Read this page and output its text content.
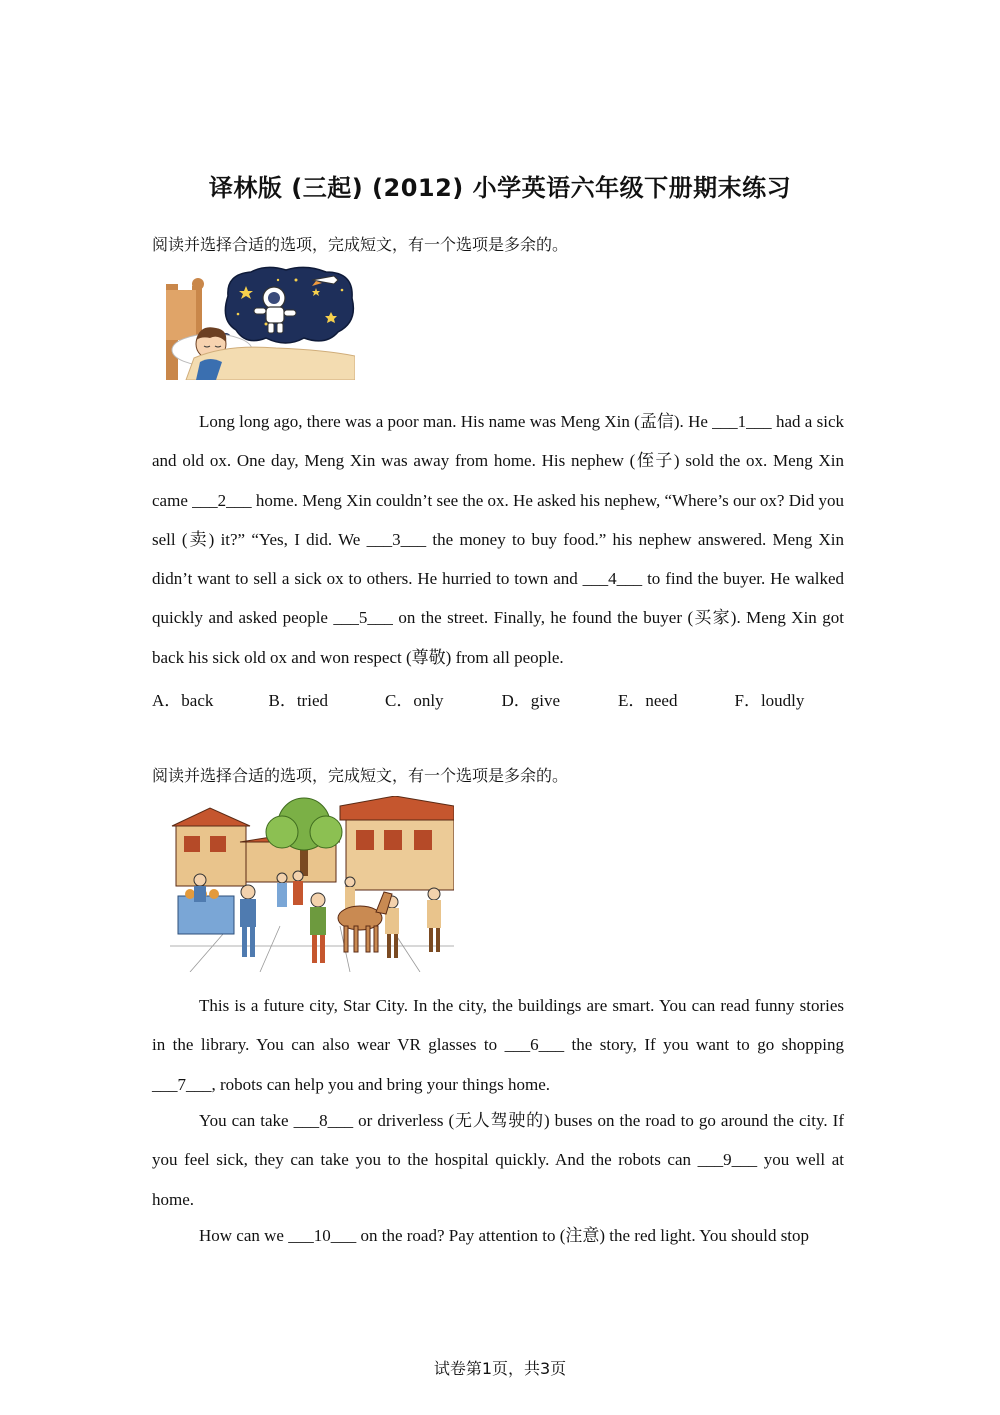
译林版 (三起) (2012) 小学英语六年级下册期末练习
阅读并选择合适的选项，完成短文，有一个选项是多余的。
Long long ago, there was a poor man. His name was Meng Xin (孟信). He ___1___ had a sick and old ox. One day, Meng Xin was away from home. His nephew (侄子) sold the ox. Meng Xin came ___2___ home. Meng Xin couldn’t see the ox. He asked his nephew, “Where’s our ox? Did you sell (卖) it?” “Yes, I did. We ___3___ the money to buy food.” his nephew answered. Meng Xin didn’t want to sell a sick ox to others. He hurried to town and ___4___ to find the buyer. He walked quickly and asked people ___5___ on the street. Finally, he found the buyer (买家). Meng Xin got back his sick old ox and won respect (尊敬) from all people.
A．back	B．tried	C．only	D．give	E．need	F．loudly
阅读并选择合适的选项，完成短文，有一个选项是多余的。
This is a future city, Star City. In the city, the buildings are smart. You can read funny stories in the library. You can also wear VR glasses to ___6___ the story, If you want to go shopping ___7___, robots can help you and bring your things home.
You can take ___8___ or driverless (无人驾驶的) buses on the road to go around the city. If you feel sick, they can take you to the hospital quickly. And the robots can ___9___ you well at home.
How can we ___10___ on the road? Pay attention to (注意) the red light. You should stop
试卷第1页，共3页
